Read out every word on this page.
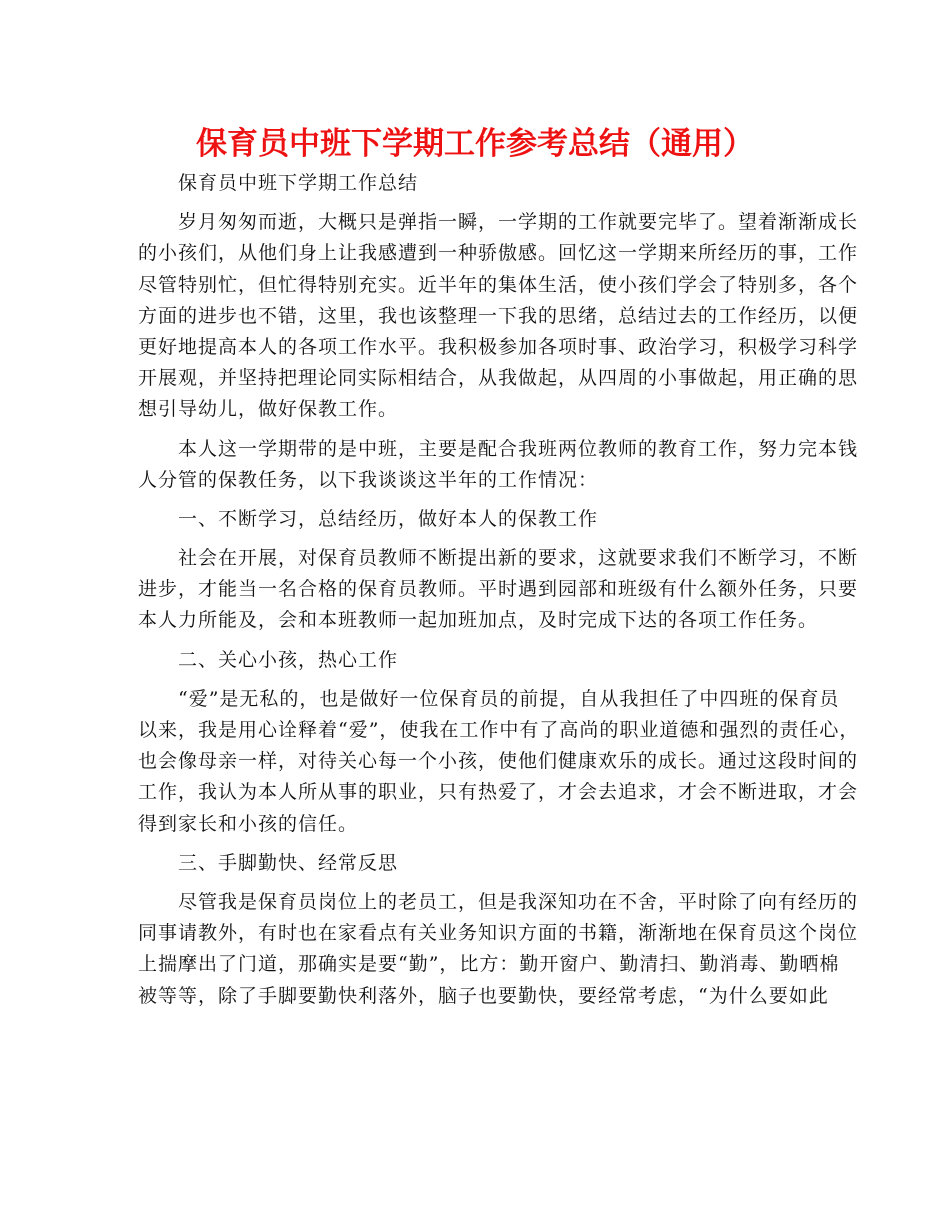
保育员中班下学期工作参考总结（通用）
保育员中班下学期工作总结
岁月匆匆而逝，大概只是弹指一瞬，一学期的工作就要完毕了。望着渐渐成长
的小孩们，从他们身上让我感遭到一种骄傲感。回忆这一学期来所经历的事，工作
尽管特别忙，但忙得特别充实。近半年的集体生活，使小孩们学会了特别多，各个
方面的进步也不错，这里，我也该整理一下我的思绪，总结过去的工作经历，以便
更好地提高本人的各项工作水平。我积极参加各项时事、政治学习，积极学习科学
开展观，并坚持把理论同实际相结合，从我做起，从四周的小事做起，用正确的思
想引导幼儿，做好保教工作。
本人这一学期带的是中班，主要是配合我班两位教师的教育工作，努力完本钱
人分管的保教任务，以下我谈谈这半年的工作情况：
一、不断学习，总结经历，做好本人的保教工作
社会在开展，对保育员教师不断提出新的要求，这就要求我们不断学习，不断
进步，才能当一名合格的保育员教师。平时遇到园部和班级有什么额外任务，只要
本人力所能及，会和本班教师一起加班加点，及时完成下达的各项工作任务。
二、关心小孩，热心工作
“爱”是无私的，也是做好一位保育员的前提，自从我担任了中四班的保育员
以来，我是用心诠释着“爱”，使我在工作中有了高尚的职业道德和强烈的责任心，
也会像母亲一样，对待关心每一个小孩，使他们健康欢乐的成长。通过这段时间的
工作，我认为本人所从事的职业，只有热爱了，才会去追求，才会不断进取，才会
得到家长和小孩的信任。
三、手脚勤快、经常反思
尽管我是保育员岗位上的老员工，但是我深知功在不舍，平时除了向有经历的
同事请教外，有时也在家看点有关业务知识方面的书籍，渐渐地在保育员这个岗位
上揣摩出了门道，那确实是要“勤”，比方：勤开窗户、勤清扫、勤消毒、勤晒棉
被等等，除了手脚要勤快利落外，脑子也要勤快，要经常考虑，“为什么要如此
